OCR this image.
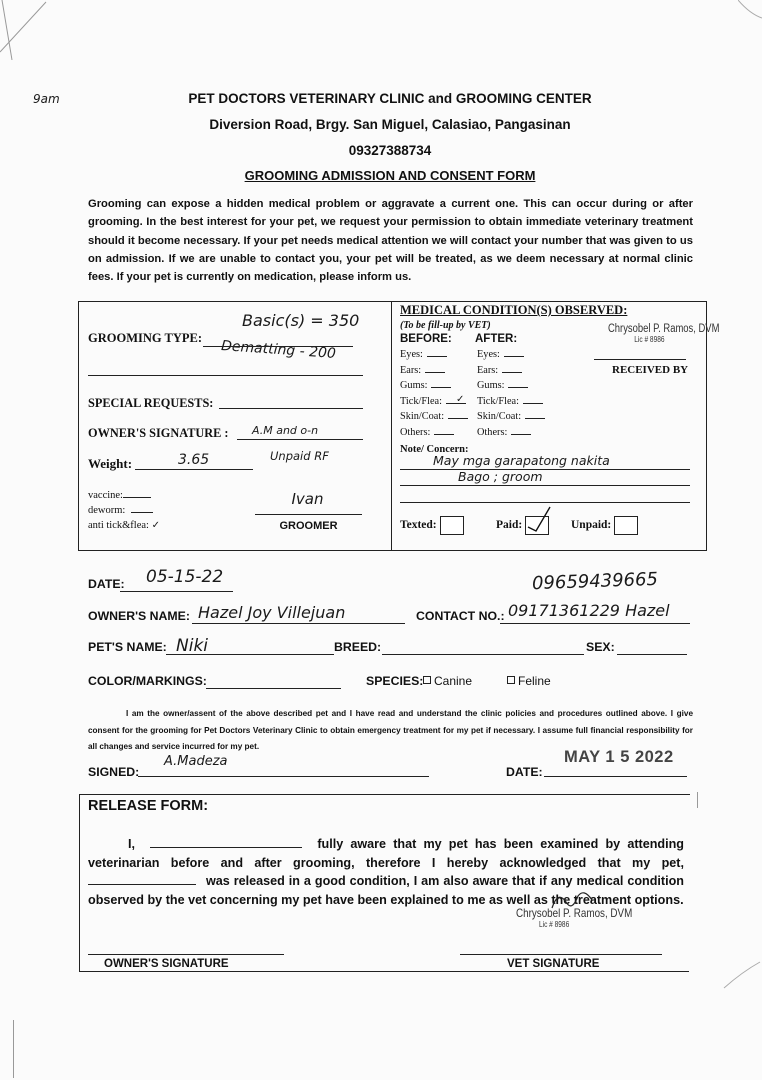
9am	PET DOCTORS VETERINARY CLINIC and GROOMING CENTER
Diversion Road, Brgy. San Miguel, Calasiao, Pangasinan
09327388734
GROOMING ADMISSION AND CONSENT FORM
Grooming can expose a hidden medical problem or aggravate a current one. This can occur during or after grooming. In the best interest for your pet, we request your permission to obtain immediate veterinary treatment should it become necessary. If your pet needs medical attention we will contact your number that was given to us on admission. If we are unable to contact you, your pet will be treated, as we deem necessary at normal clinic fees. If your pet is currently on medication, please inform us.
GROOMING TYPE:
Basic(s) = 350
Dematting - 200
SPECIAL REQUESTS:
OWNER'S SIGNATURE : A.M and o-n
Weight:	3.65	Unpaid RF
vaccine:
deworm:
anti tick&flea: ✓
Ivan
GROOMER
MEDICAL CONDITION(S) OBSERVED:
(To be fill-up by VET)
BEFORE: AFTER:
Eyes:	Eyes:
Ears:	Ears:
Gums:	Gums:
Tick/Flea:	Tick/Flea:
Skin/Coat:	Skin/Coat:
Others:	Others:
✓
Note/ Concern:
May mga garapatong nakita
Bago ; groom
Chrysobel P. Ramos, DVM
Lic # 8986
RECEIVED BY
Texted:	Paid:	Unpaid:
DATE: 05-15-22	09659439665
OWNER'S NAME: Hazel Joy Villejuan	CONTACT NO.: 09171361229 Hazel
PET'S NAME: Niki	BREED:	SEX:
COLOR/MARKINGS:	SPECIES: Canine	Feline
I am the owner/assent of the above described pet and I have read and understand the clinic policies and procedures outlined above. I give consent for the grooming for Pet Doctors Veterinary Clinic to obtain emergency treatment for my pet if necessary. I assume full financial responsibility for all changes and service incurred for my pet.
SIGNED:
A.Madeza
DATE:
MAY 1 5 2022
RELEASE FORM:
I,	fully aware that my pet has been examined by attending veterinarian before and after grooming, therefore I hereby acknowledged that my pet,  was released in a good condition, I am also aware that if any medical condition observed by the vet concerning my pet have been explained to me as well as the treatment options.
Chrysobel P. Ramos, DVM
Lic # 8986
OWNER'S SIGNATURE	VET SIGNATURE
